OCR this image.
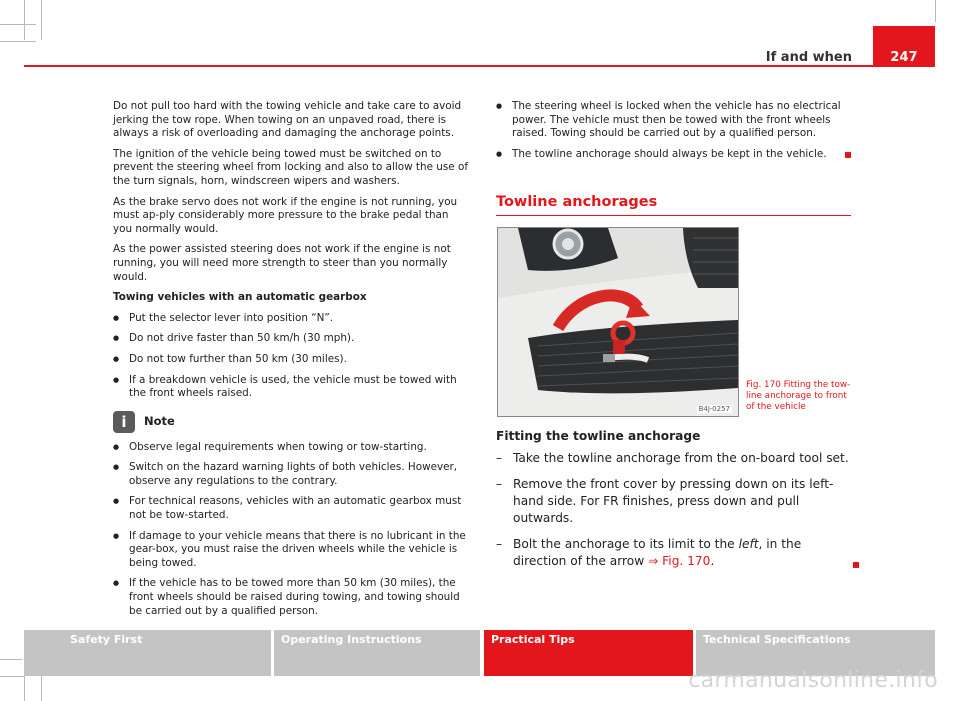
If and when	247

Do not pull too hard with the towing vehicle and take care to avoid jerking the tow rope. When towing on an unpaved road, there is always a risk of overloading and damaging the anchorage points.

The ignition of the vehicle being towed must be switched on to prevent the steering wheel from locking and also to allow the use of the turn signals, horn, windscreen wipers and washers.

As the brake servo does not work if the engine is not running, you must ap-ply considerably more pressure to the brake pedal than you normally would.

As the power assisted steering does not work if the engine is not running, you will need more strength to steer than you normally would.

Towing vehicles with an automatic gearbox

● Put the selector lever into position “N”.

● Do not drive faster than 50 km/h (30 mph).

● Do not tow further than 50 km (30 miles).

● If a breakdown vehicle is used, the vehicle must be towed with the front wheels raised.

i	Note

● Observe legal requirements when towing or tow-starting.

● Switch on the hazard warning lights of both vehicles. However, observe any regulations to the contrary.

● For technical reasons, vehicles with an automatic gearbox must not be tow-started.

● If damage to your vehicle means that there is no lubricant in the gear-box, you must raise the driven wheels while the vehicle is being towed.

● If the vehicle has to be towed more than 50 km (30 miles), the front wheels should be raised during towing, and towing should be carried out by a qualified person.

● The steering wheel is locked when the vehicle has no electrical power. The vehicle must then be towed with the front wheels raised. Towing should be carried out by a qualified person.

● The towline anchorage should always be kept in the vehicle.

Towline anchorages
B4J-0257
Fig. 170 Fitting the tow-line anchorage to front of the vehicle
Fitting the towline anchorage
– Take the towline anchorage from the on-board tool set.
– Remove the front cover by pressing down on its left-hand side. For FR finishes, press down and pull outwards.
– Bolt the anchorage to its limit to the left, in the direction of the arrow ⇒ Fig. 170.
Safety First	Operating Instructions	Practical Tips	Technical Specifications
carmanualsonline.info
